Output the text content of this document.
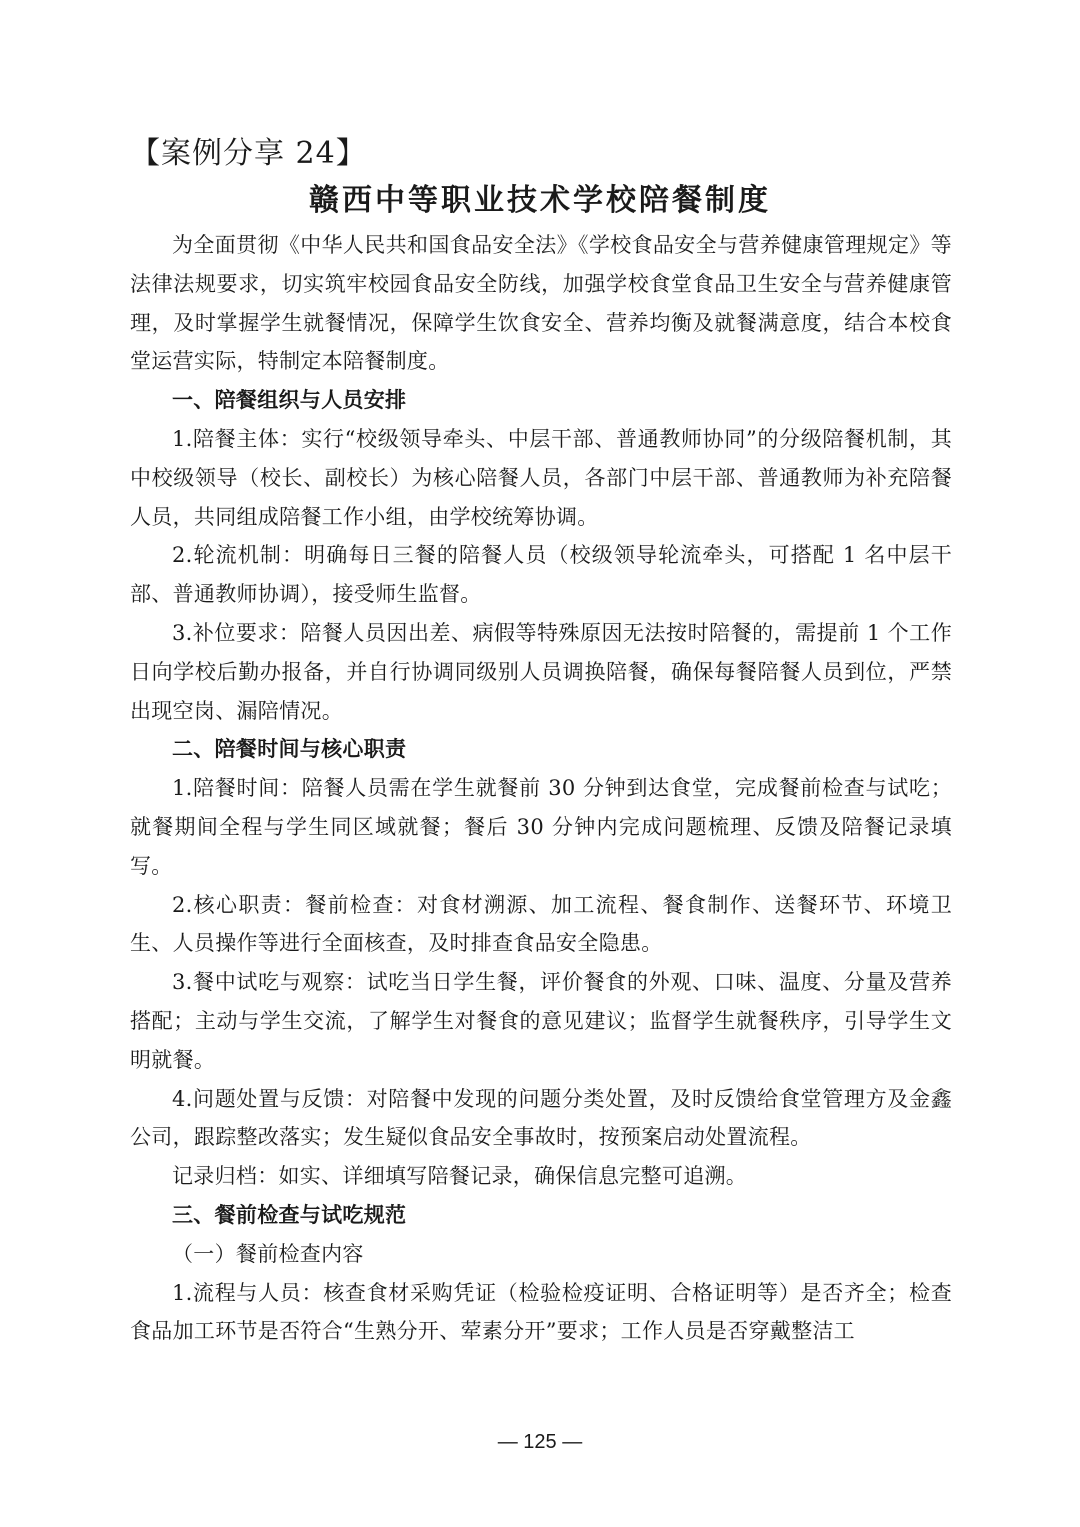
【案例分享 24】
赣西中等职业技术学校陪餐制度

为全面贯彻《中华人民共和国食品安全法》《学校食品安全与营养健康管理规定》等法律法规要求，切实筑牢校园食品安全防线，加强学校食堂食品卫生安全与营养健康管理，及时掌握学生就餐情况，保障学生饮食安全、营养均衡及就餐满意度，结合本校食堂运营实际，特制定本陪餐制度。

一、陪餐组织与人员安排

1.陪餐主体：实行“校级领导牵头、中层干部、普通教师协同”的分级陪餐机制，其中校级领导（校长、副校长）为核心陪餐人员，各部门中层干部、普通教师为补充陪餐人员，共同组成陪餐工作小组，由学校统筹协调。

2.轮流机制：明确每日三餐的陪餐人员（校级领导轮流牵头，可搭配 1 名中层干部、普通教师协调），接受师生监督。

3.补位要求：陪餐人员因出差、病假等特殊原因无法按时陪餐的，需提前 1 个工作日向学校后勤办报备，并自行协调同级别人员调换陪餐，确保每餐陪餐人员到位，严禁出现空岗、漏陪情况。

二、陪餐时间与核心职责

1.陪餐时间：陪餐人员需在学生就餐前 30 分钟到达食堂，完成餐前检查与试吃；就餐期间全程与学生同区域就餐；餐后 30 分钟内完成问题梳理、反馈及陪餐记录填写。

2.核心职责：餐前检查：对食材溯源、加工流程、餐食制作、送餐环节、环境卫生、人员操作等进行全面核查，及时排查食品安全隐患。

3.餐中试吃与观察：试吃当日学生餐，评价餐食的外观、口味、温度、分量及营养搭配；主动与学生交流，了解学生对餐食的意见建议；监督学生就餐秩序，引导学生文明就餐。

4.问题处置与反馈：对陪餐中发现的问题分类处置，及时反馈给食堂管理方及金鑫公司，跟踪整改落实；发生疑似食品安全事故时，按预案启动处置流程。

记录归档：如实、详细填写陪餐记录，确保信息完整可追溯。

三、餐前检查与试吃规范

（一）餐前检查内容

1.流程与人员：核查食材采购凭证（检验检疫证明、合格证明等）是否齐全；检查食品加工环节是否符合“生熟分开、荤素分开”要求；工作人员是否穿戴整洁工

— 125 —
